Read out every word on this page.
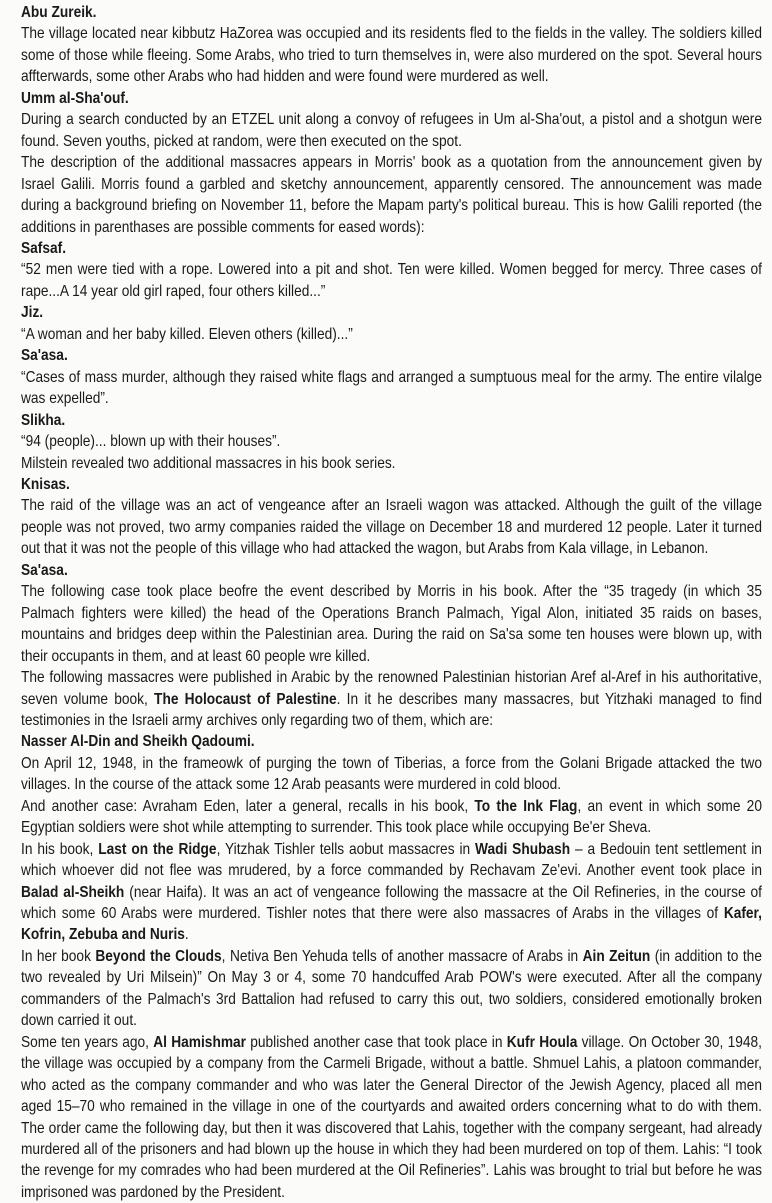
Abu Zureik.

The village located near kibbutz HaZorea was occupied and its residents fled to the fields in the valley. The soldiers killed some of those while fleeing. Some Arabs, who tried to turn themselves in, were also murdered on the spot. Several hours affterwards, some other Arabs who had hidden and were found were murdered as well.

Umm al-Sha'ouf.

During a search conducted by an ETZEL unit along a convoy of refugees in Um al-Sha'out, a pistol and a shotgun were found. Seven youths, picked at random, were then executed on the spot.

The description of the additional massacres appears in Morris' book as a quotation from the announcement given by Israel Galili. Morris found a garbled and sketchy announcement, apparently censored. The announcement was made during a background briefing on November 11, before the Mapam party's political bureau. This is how Galili reported (the additions in parenthases are possible comments for eased words):

Safsaf.

“52 men were tied with a rope. Lowered into a pit and shot. Ten were killed. Women begged for mercy. Three cases of rape...A 14 year old girl raped, four others killed...”

Jiz.

“A woman and her baby killed. Eleven others (killed)...”

Sa'asa.

“Cases of mass murder, although they raised white flags and arranged a sumptuous meal for the army. The entire vilalge was expelled”.

Slikha.

“94 (people)... blown up with their houses”.

Milstein revealed two additional massacres in his book series.

Knisas.

The raid of the village was an act of vengeance after an Israeli wagon was attacked. Although the guilt of the village people was not proved, two army companies raided the village on December 18 and murdered 12 people. Later it turned out that it was not the people of this village who had attacked the wagon, but Arabs from Kala village, in Lebanon.

Sa'asa.

The following case took place beofre the event described by Morris in his book. After the “35 tragedy (in which 35 Palmach fighters were killed) the head of the Operations Branch Palmach, Yigal Alon, initiated 35 raids on bases, mountains and bridges deep within the Palestinian area. During the raid on Sa'sa some ten houses were blown up, with their occupants in them, and at least 60 people wre killed.

The following massacres were published in Arabic by the renowned Palestinian historian Aref al-Aref in his authoritative, seven volume book, The Holocaust of Palestine. In it he describes many massacres, but Yitzhaki managed to find testimonies in the Israeli army archives only regarding two of them, which are:

Nasser Al-Din and Sheikh Qadoumi.

On April 12, 1948, in the frameowk of purging the town of Tiberias, a force from the Golani Brigade attacked the two villages. In the course of the attack some 12 Arab peasants were murdered in cold blood.

And another case: Avraham Eden, later a general, recalls in his book, To the Ink Flag, an event in which some 20 Egyptian soldiers were shot while attempting to surrender. This took place while occupying Be'er Sheva.

In his book, Last on the Ridge, Yitzhak Tishler tells aobut massacres in Wadi Shubash – a Bedouin tent settlement in which whoever did not flee was mrudered, by a force commanded by Rechavam Ze'evi. Another event took place in Balad al-Sheikh (near Haifa). It was an act of vengeance following the massacre at the Oil Refineries, in the course of which some 60 Arabs were murdered. Tishler notes that there were also massacres of Arabs in the villages of Kafer, Kofrin, Zebuba and Nuris.

In her book Beyond the Clouds, Netiva Ben Yehuda tells of another massacre of Arabs in Ain Zeitun (in addition to the two revealed by Uri Milsein)” On May 3 or 4, some 70 handcuffed Arab POW's were executed. After all the company commanders of the Palmach's 3rd Battalion had refused to carry this out, two soldiers, considered emotionally broken down carried it out.

Some ten years ago, Al Hamishmar published another case that took place in Kufr Houla village. On October 30, 1948, the village was occupied by a company from the Carmeli Brigade, without a battle. Shmuel Lahis, a platoon commander, who acted as the company commander and who was later the General Director of the Jewish Agency, placed all men aged 15–70 who remained in the village in one of the courtyards and awaited orders concerning what to do with them. The order came the following day, but then it was discovered that Lahis, together with the company sergeant, had already murdered all of the prisoners and had blown up the house in which they had been murdered on top of them. Lahis: “I took the revenge for my comrades who had been murdered at the Oil Refineries”. Lahis was brought to trial but before he was imprisoned was pardoned by the President.
